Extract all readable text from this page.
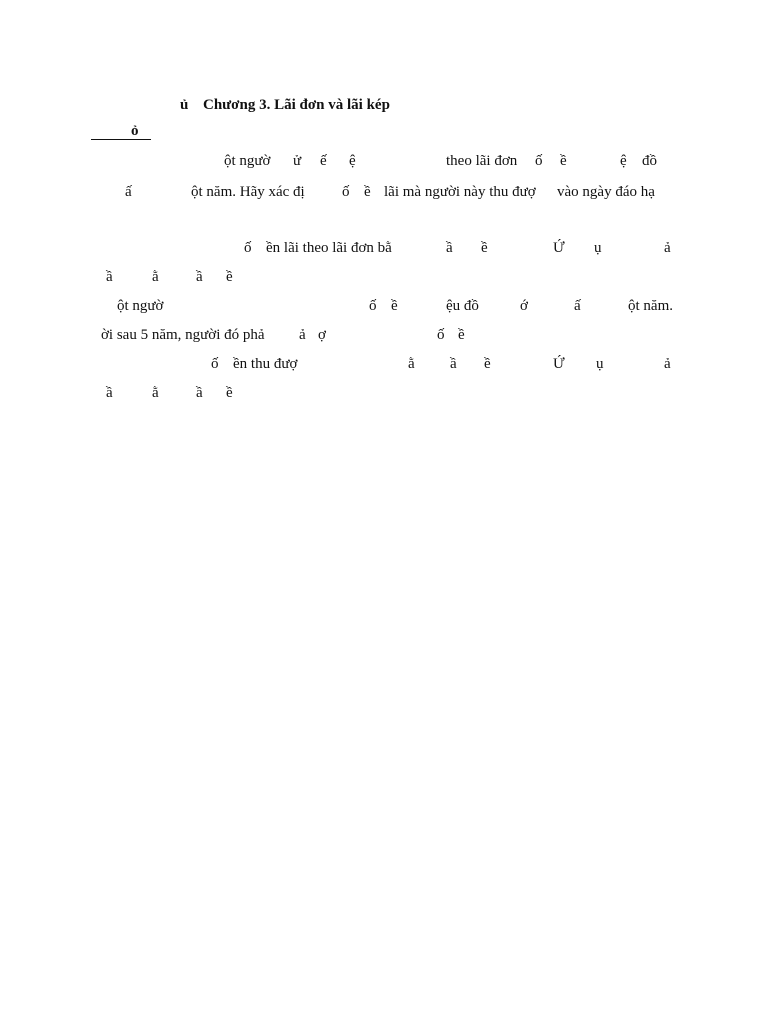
ủ Chương 3. Lãi đơn và lãi kép
ỏ
ột ngườ ử ế ệ	theo lãi đơn ố ề	ệ đồ
ấ	ột năm. Hãy xác đị ố ề lãi mà người này thu đượ vào ngày đáo hạ
ố ền lãi theo lãi đơn bằ	ầ ề	Ứ ụ	ả
ầ	ằ ầ ề
ột ngườ	ố ề	ệu đồ	ớ	ấ	ột năm.
ời sau 5 năm, người đó phả ả ợ	ố ề
ố ền thu đượ	ằ ầ ề	Ứ ụ	ả
ầ	ằ ầ ề
